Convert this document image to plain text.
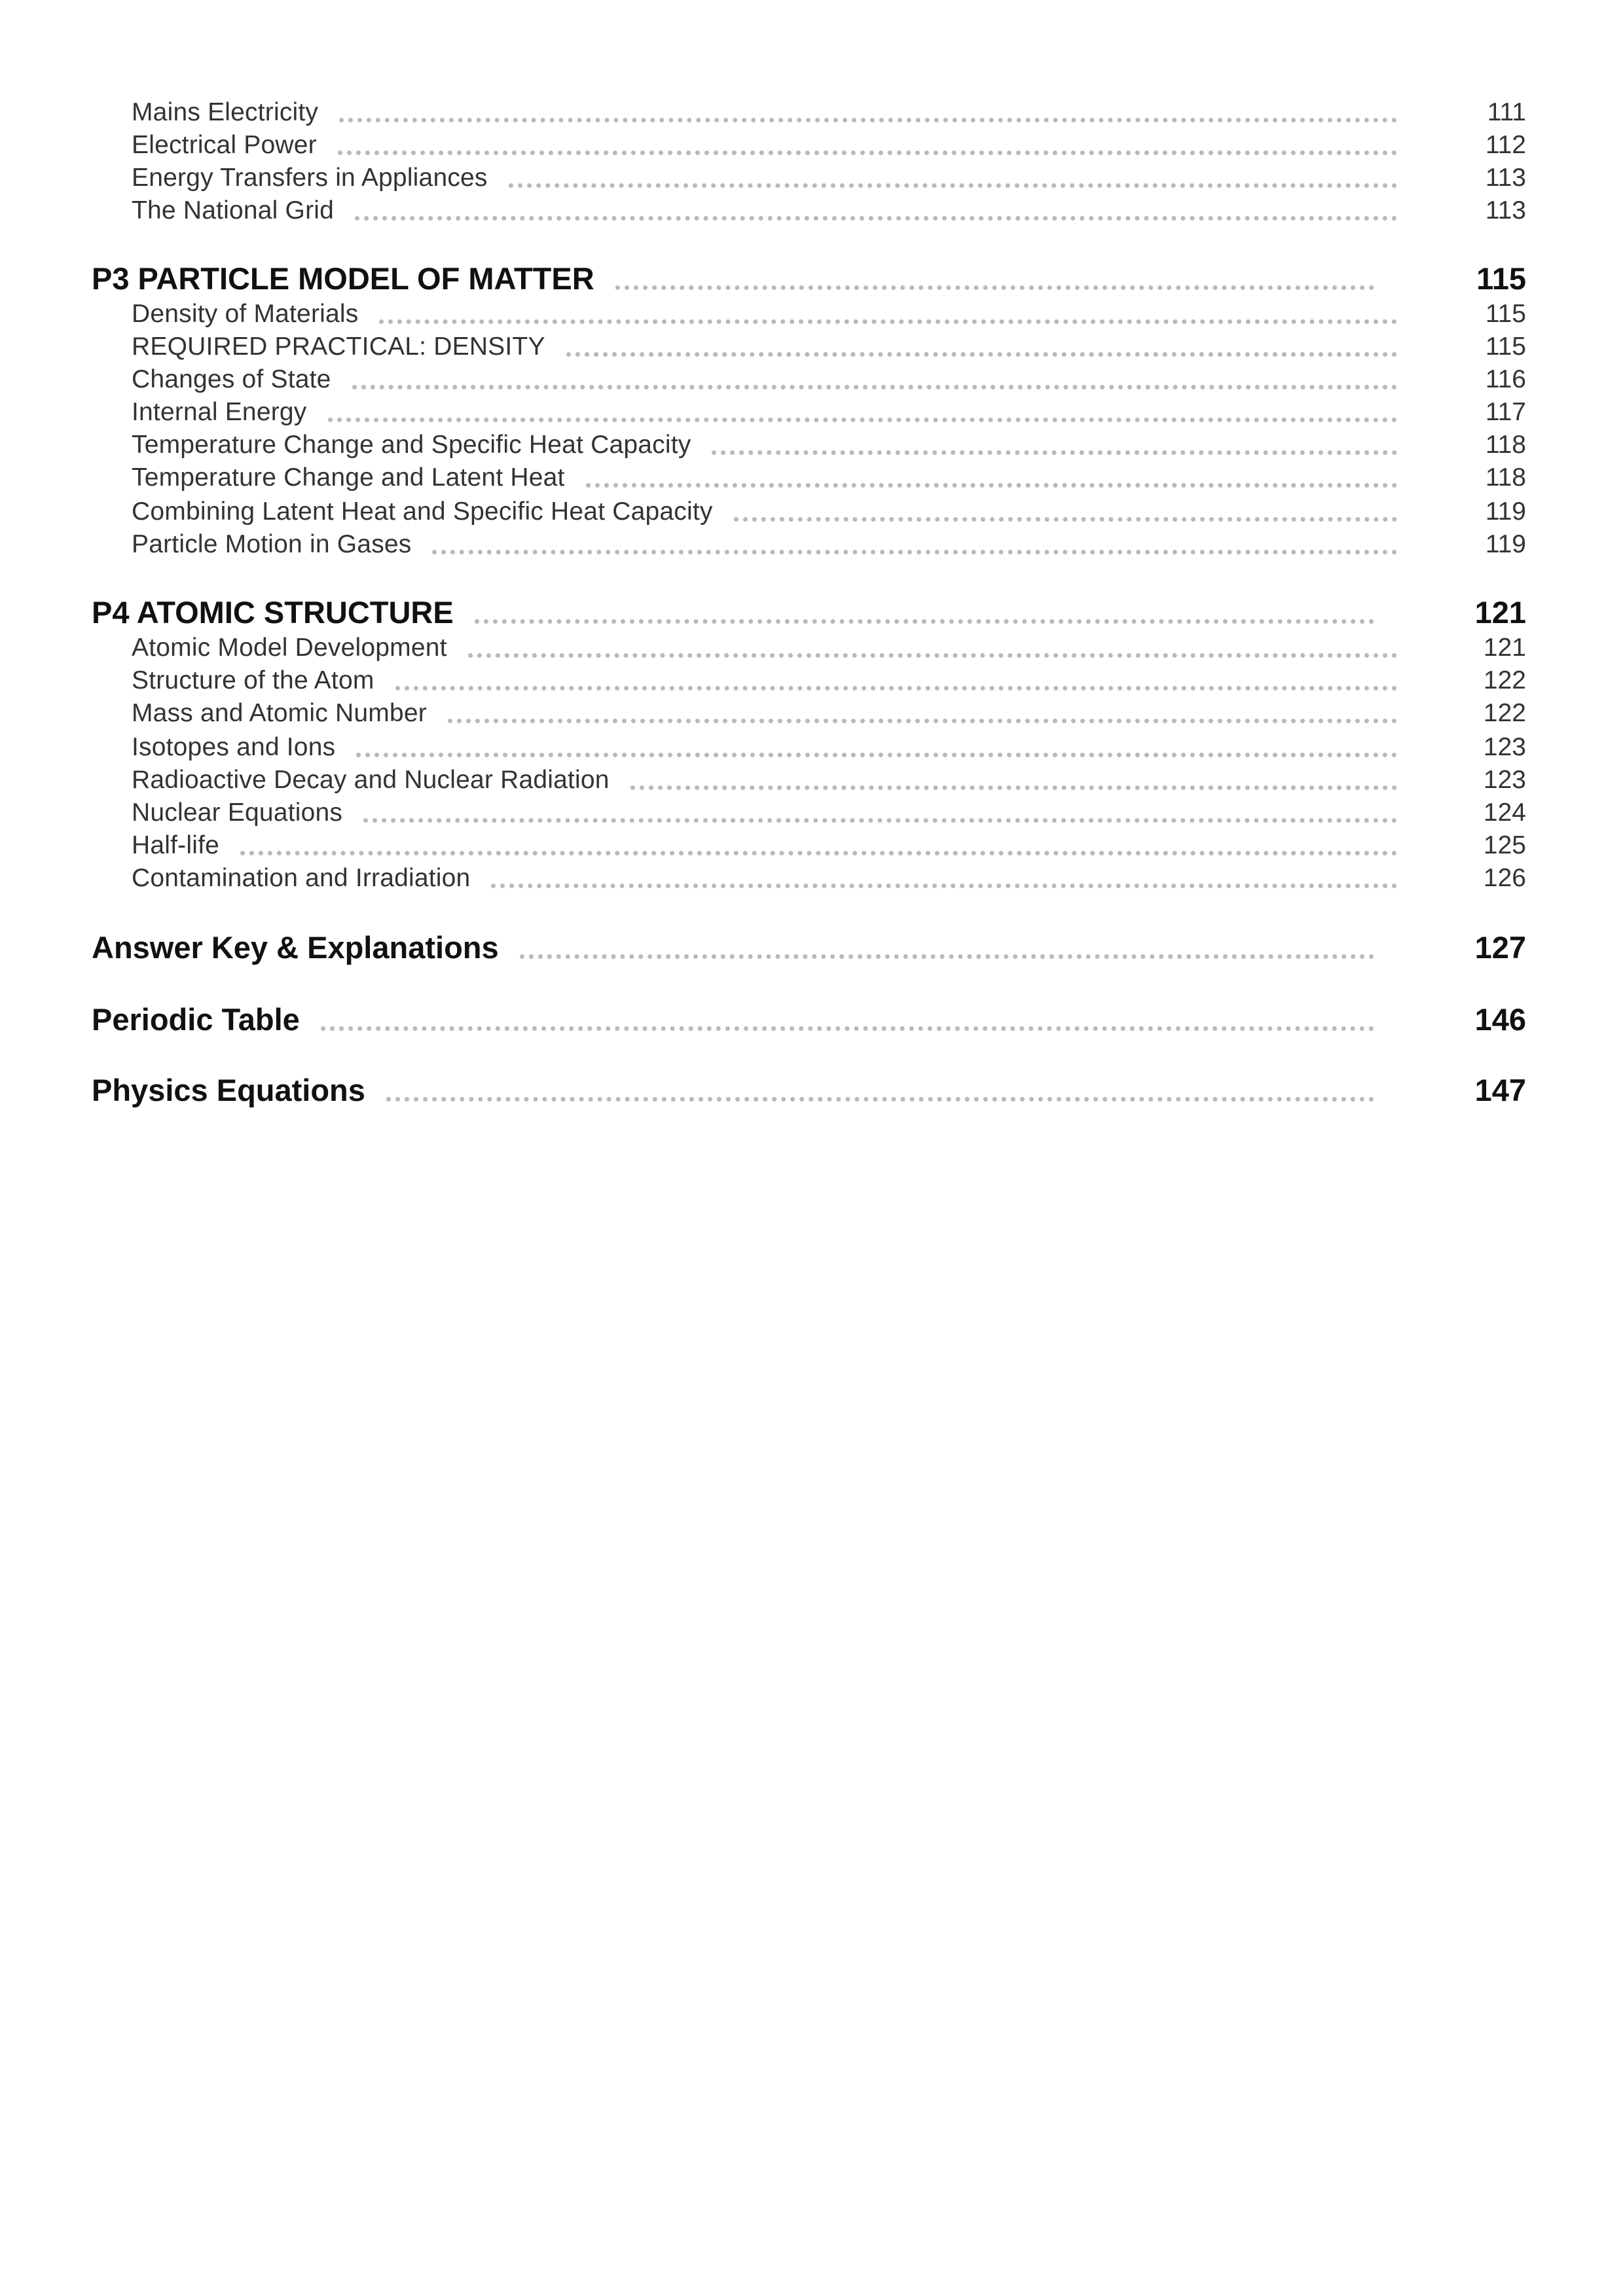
Mains Electricity	111
Electrical Power	112
Energy Transfers in Appliances	113
The National Grid	113
P3 PARTICLE MODEL OF MATTER	115
Density of Materials	115
REQUIRED PRACTICAL: DENSITY	115
Changes of State	116
Internal Energy	117
Temperature Change and Specific Heat Capacity	118
Temperature Change and Latent Heat	118
Combining Latent Heat and Specific Heat Capacity	119
Particle Motion in Gases	119
P4 ATOMIC STRUCTURE	121
Atomic Model Development	121
Structure of the Atom	122
Mass and Atomic Number	122
Isotopes and Ions	123
Radioactive Decay and Nuclear Radiation	123
Nuclear Equations	124
Half-life	125
Contamination and Irradiation	126
Answer Key & Explanations	127
Periodic Table	146
Physics Equations	147
